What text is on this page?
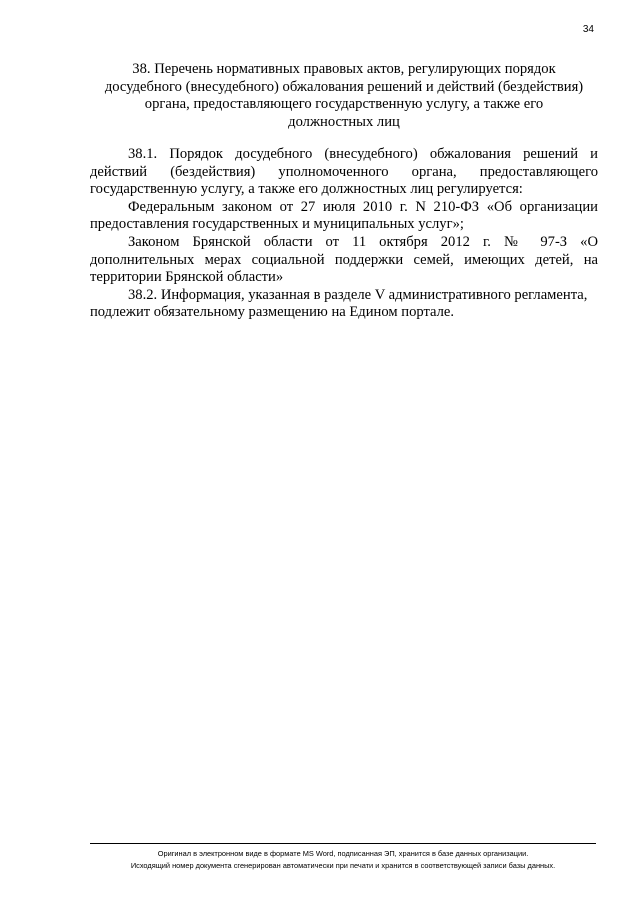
34
38. Перечень нормативных правовых актов, регулирующих порядок
досудебного (внесудебного) обжалования решений и действий (бездействия)
органа, предоставляющего государственную услугу, а также его
должностных лиц

38.1. Порядок досудебного (внесудебного) обжалования решений и действий (бездействия) уполномоченного органа, предоставляющего государственную услугу, а также его должностных лиц регулируется:

Федеральным законом от 27 июля 2010 г. N 210-ФЗ «Об организации предоставления государственных и муниципальных услуг»;

Законом Брянской области от 11 октября 2012 г. № 97-З «О дополнительных мерах социальной поддержки семей, имеющих детей, на территории Брянской области»

38.2. Информация, указанная в разделе V административного регламента, подлежит обязательному размещению на Едином портале.

Оригинал в электронном виде в формате MS Word, подписанная ЭП, хранится в базе данных организации.
Исходящий номер документа сгенерирован автоматически при печати и хранится в соответствующей записи базы данных.
